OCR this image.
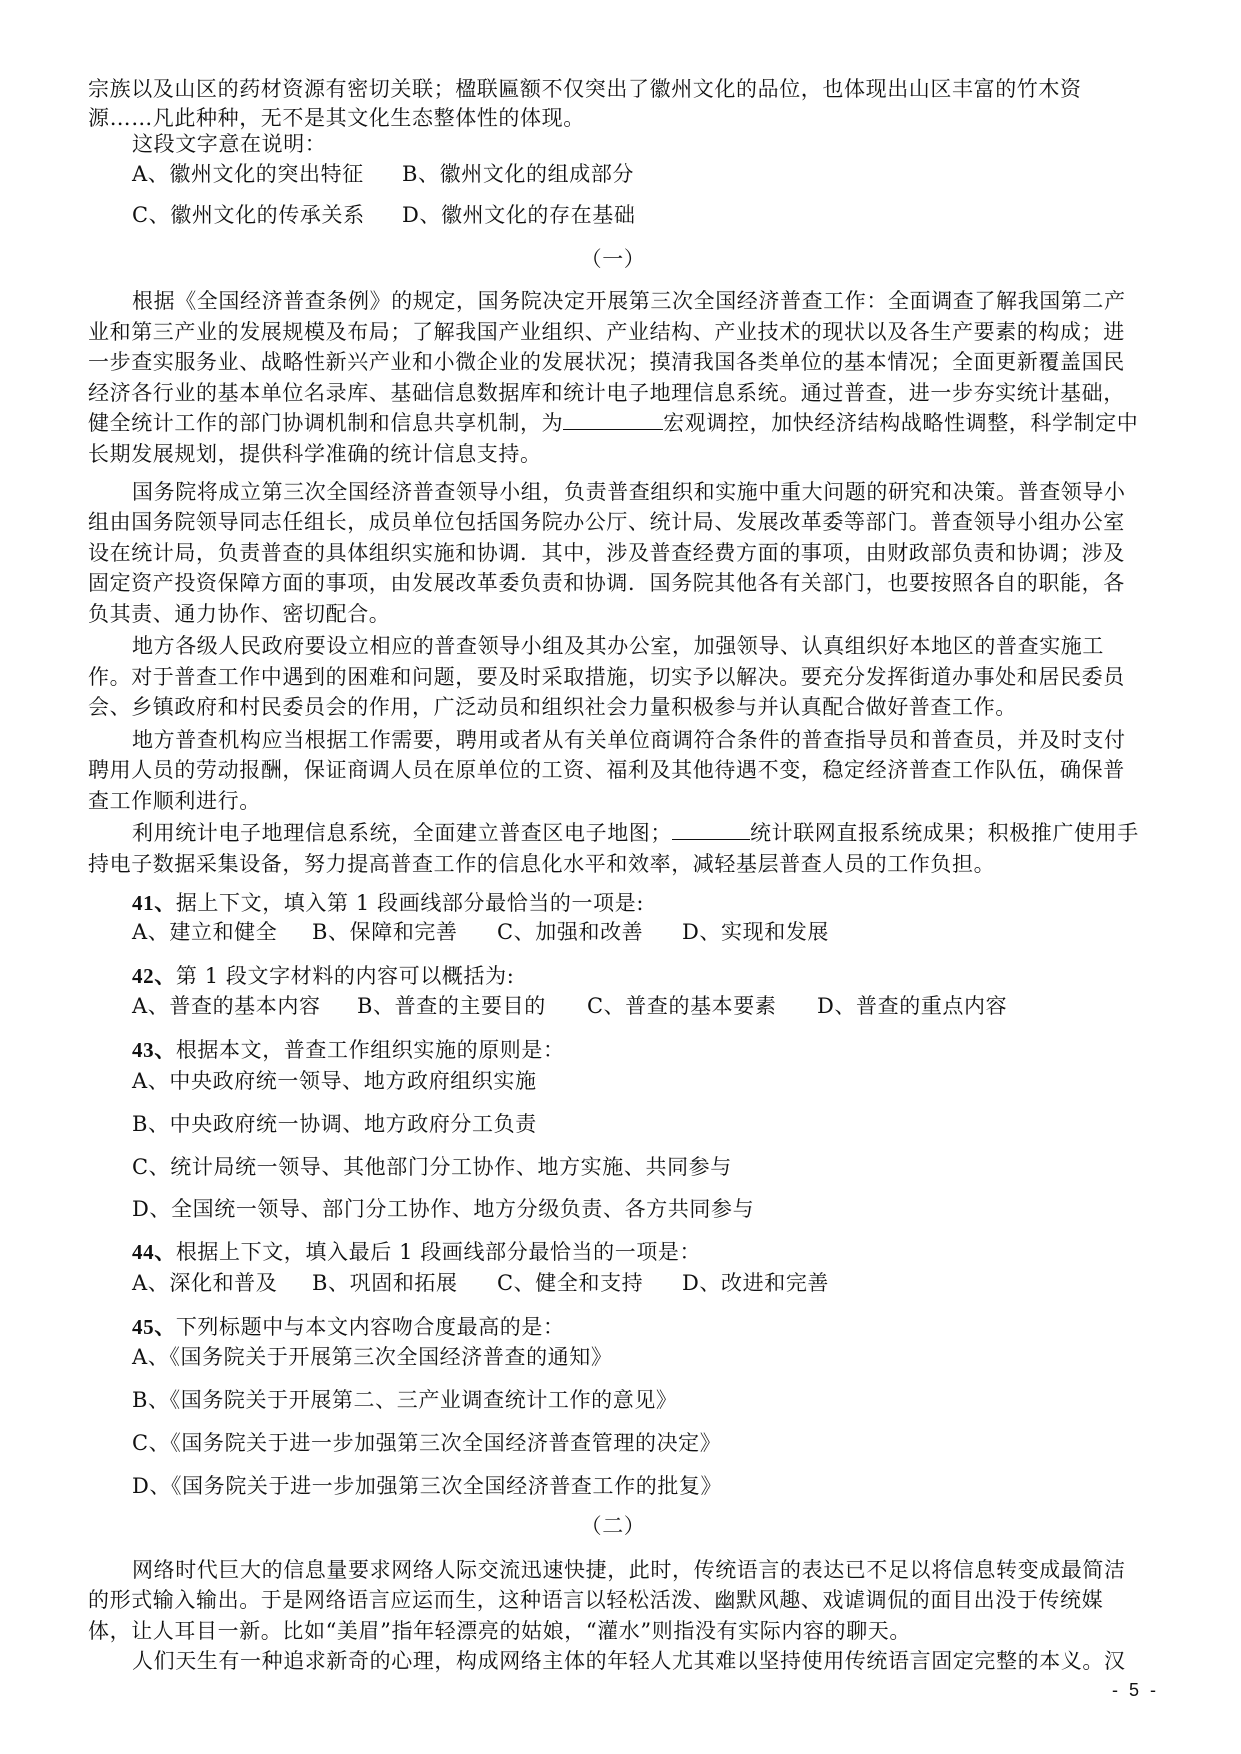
宗族以及山区的药材资源有密切关联；楹联匾额不仅突出了徽州文化的品位，也体现出山区丰富的竹木资
源……凡此种种，无不是其文化生态整体性的体现。
这段文字意在说明：
A、徽州文化的突出特征 B、徽州文化的组成部分
C、徽州文化的传承关系 D、徽州文化的存在基础
（一）
根据《全国经济普查条例》的规定，国务院决定开展第三次全国经济普查工作：全面调查了解我国第二产
业和第三产业的发展规模及布局；了解我国产业组织、产业结构、产业技术的现状以及各生产要素的构成；进
一步查实服务业、战略性新兴产业和小微企业的发展状况；摸清我国各类单位的基本情况；全面更新覆盖国民
经济各行业的基本单位名录库、基础信息数据库和统计电子地理信息系统。通过普查，进一步夯实统计基础，
健全统计工作的部门协调机制和信息共享机制，为	宏观调控，加快经济结构战略性调整，科学制定中
长期发展规划，提供科学准确的统计信息支持。
国务院将成立第三次全国经济普查领导小组，负责普查组织和实施中重大问题的研究和决策。普查领导小
组由国务院领导同志任组长，成员单位包括国务院办公厅、统计局、发展改革委等部门。普查领导小组办公室
设在统计局，负责普查的具体组织实施和协调．其中，涉及普查经费方面的事项，由财政部负责和协调；涉及
固定资产投资保障方面的事项，由发展改革委负责和协调．国务院其他各有关部门，也要按照各自的职能，各
负其责、通力协作、密切配合。
地方各级人民政府要设立相应的普查领导小组及其办公室，加强领导、认真组织好本地区的普查实施工
作。对于普查工作中遇到的困难和问题，要及时采取措施，切实予以解决。要充分发挥街道办事处和居民委员
会、乡镇政府和村民委员会的作用，广泛动员和组织社会力量积极参与并认真配合做好普查工作。
地方普查机构应当根据工作需要，聘用或者从有关单位商调符合条件的普查指导员和普查员，并及时支付
聘用人员的劳动报酬，保证商调人员在原单位的工资、福利及其他待遇不变，稳定经济普查工作队伍，确保普
查工作顺利进行。
利用统计电子地理信息系统，全面建立普查区电子地图；	统计联网直报系统成果；积极推广使用手
持电子数据采集设备，努力提高普查工作的信息化水平和效率，减轻基层普查人员的工作负担。
41、据上下文，填入第 1 段画线部分最恰当的一项是:
A、建立和健全 B、保障和完善 C、加强和改善 D、实现和发展
42、第 1 段文字材料的内容可以概括为:
A、普查的基本内容 B、普查的主要目的 C、普查的基本要素 D、普查的重点内容
43、根据本文，普查工作组织实施的原则是：
A、中央政府统一领导、地方政府组织实施
B、中央政府统一协调、地方政府分工负责
C、统计局统一领导、其他部门分工协作、地方实施、共同参与
D、全国统一领导、部门分工协作、地方分级负责、各方共同参与
44、根据上下文，填入最后 1 段画线部分最恰当的一项是：
A、深化和普及 B、巩固和拓展 C、健全和支持 D、改进和完善
45、下列标题中与本文内容吻合度最高的是：
A、《国务院关于开展第三次全国经济普查的通知》
B、《国务院关于开展第二、三产业调查统计工作的意见》
C、《国务院关于进一步加强第三次全国经济普查管理的决定》
D、《国务院关于进一步加强第三次全国经济普查工作的批复》
（二）
网络时代巨大的信息量要求网络人际交流迅速快捷，此时，传统语言的表达已不足以将信息转变成最简洁
的形式输入输出。于是网络语言应运而生，这种语言以轻松活泼、幽默风趣、戏谑调侃的面目出没于传统媒
体，让人耳目一新。比如“美眉”指年轻漂亮的姑娘，“灌水”则指没有实际内容的聊天。
人们天生有一种追求新奇的心理，构成网络主体的年轻人尤其难以坚持使用传统语言固定完整的本义。汉
- 5 -
